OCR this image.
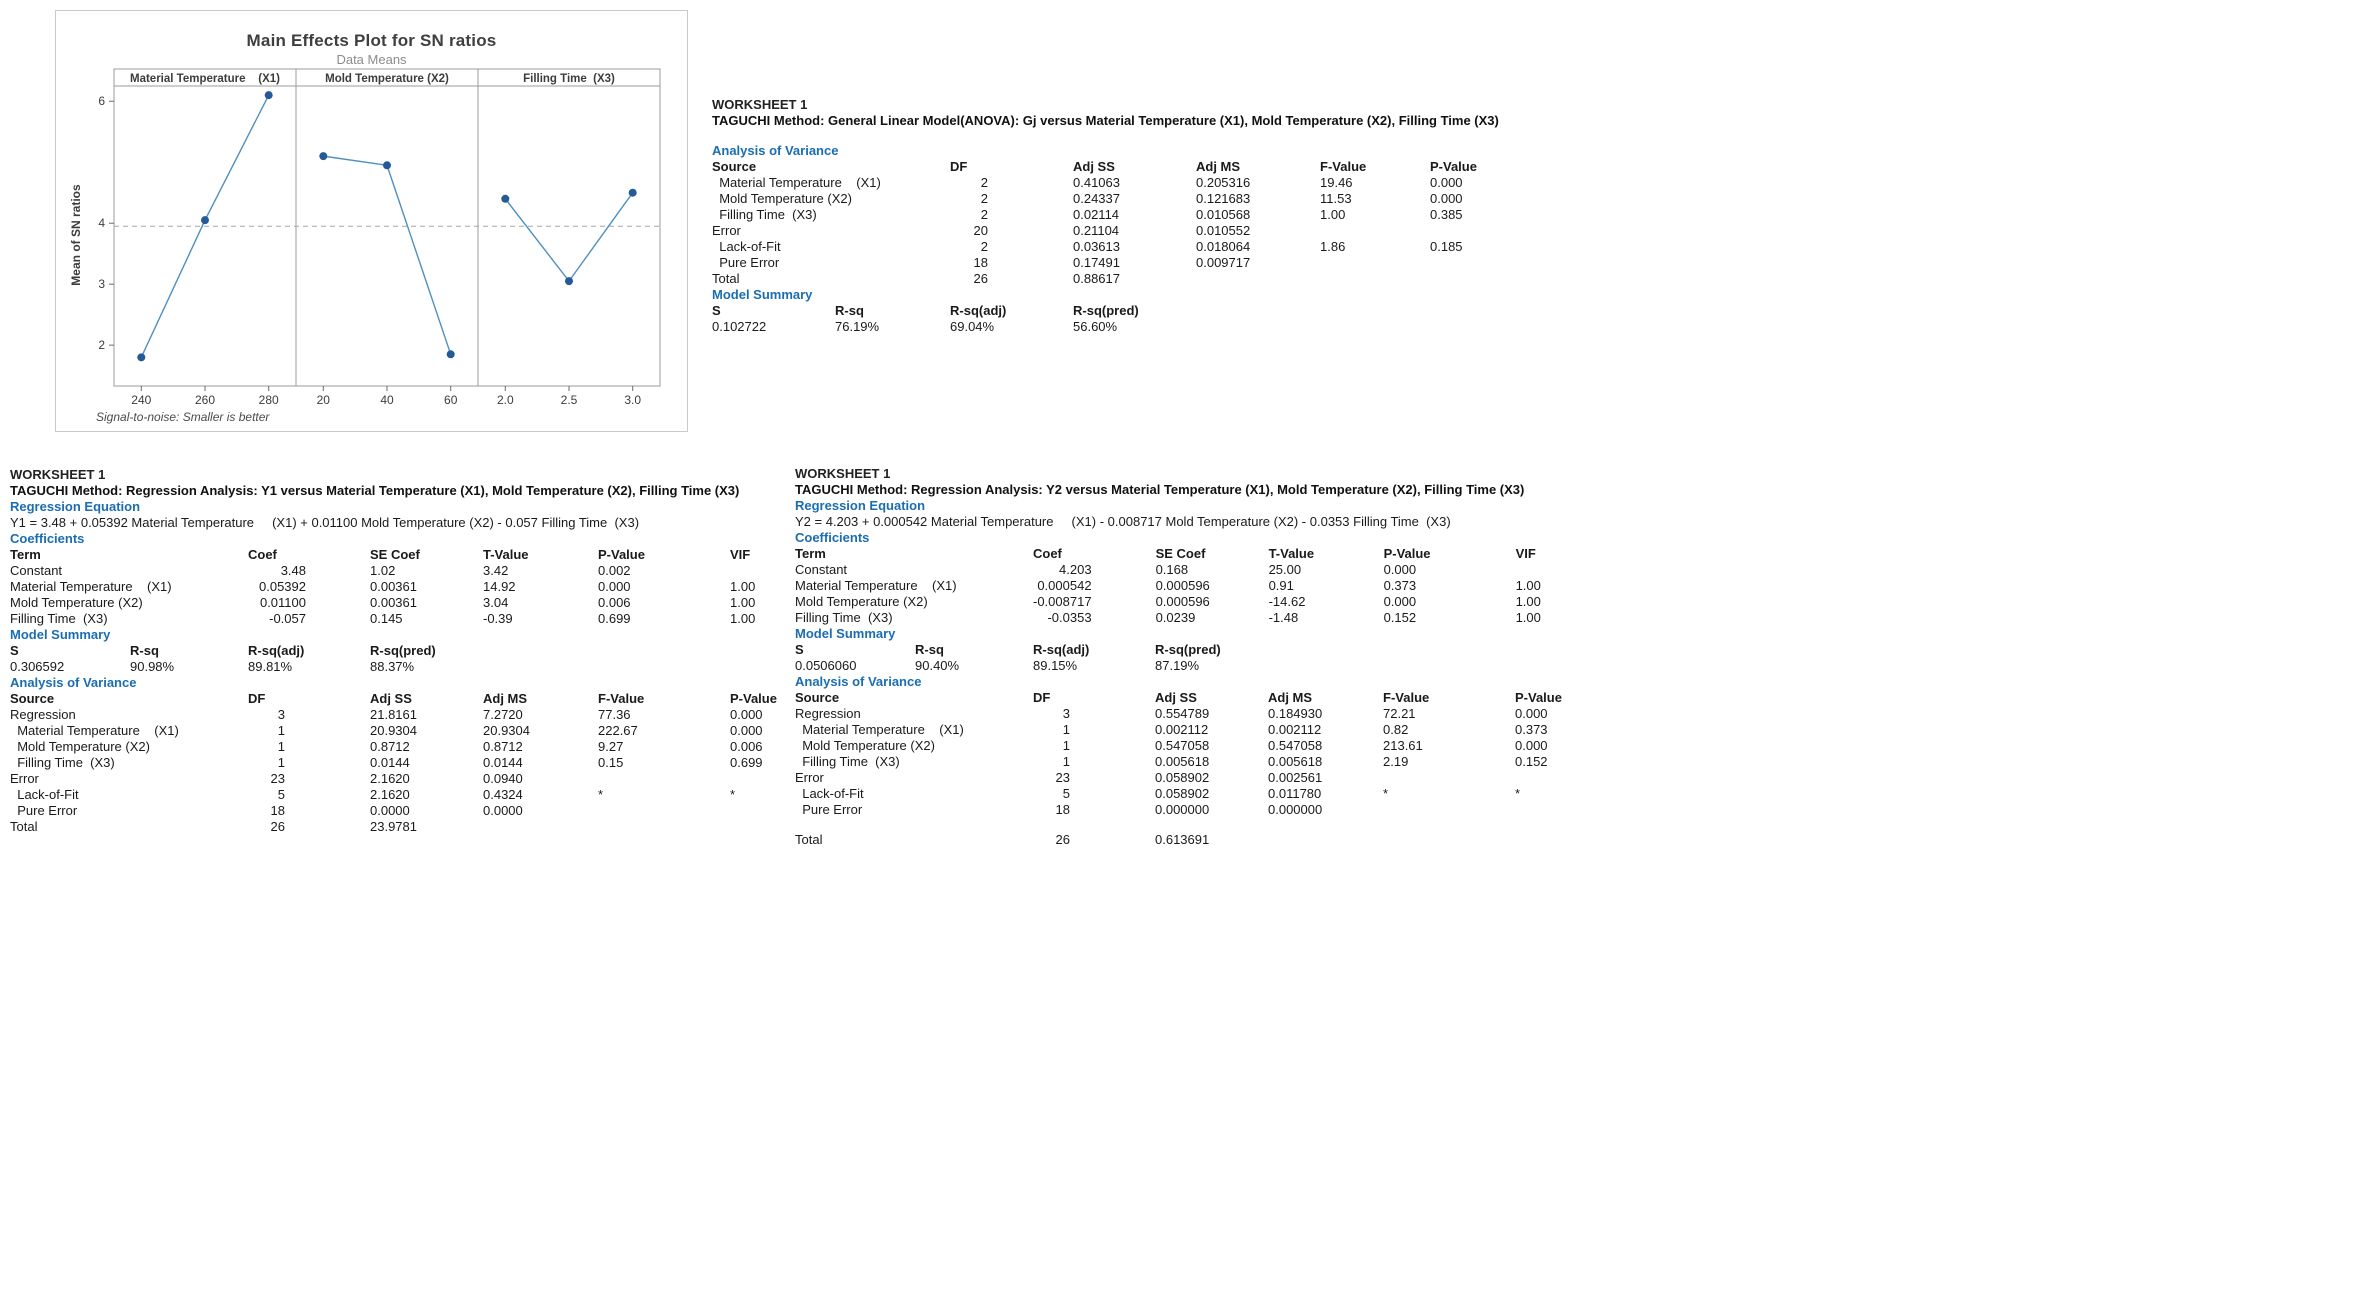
2
3
4
6
Material Temperature    (X1)
240	260	280
Mold Temperature (X2)
20	40	60
Filling Time  (X3)
2.0	2.5	3.0
Main Effects Plot for SN ratios
Data Means
Mean of SN ratios
Signal-to-noise: Smaller is better
WORKSHEET 1
TAGUCHI Method: General Linear Model(ANOVA): Gj versus Material Temperature (X1), Mold Temperature (X2), Filling Time (X3)
Analysis of Variance
Source	DF	Adj SS	Adj MS	F-Value	P-Value
Material Temperature    (X1)	2	0.41063	0.205316	19.46	0.000
Mold Temperature (X2)	2	0.24337	0.121683	11.53	0.000
Filling Time  (X3)	2	0.02114	0.010568	1.00	0.385
Error	20	0.21104	0.010552		
Lack-of-Fit	2	0.03613	0.018064	1.86	0.185
Pure Error	18	0.17491	0.009717		
Total	26	0.88617			
Model Summary
S	R-sq	R-sq(adj)	R-sq(pred)
0.102722	76.19%	69.04%	56.60%
WORKSHEET 1
TAGUCHI Method: Regression Analysis: Y1 versus Material Temperature (X1), Mold Temperature (X2), Filling Time (X3)
Regression Equation
Y1 = 3.48 + 0.05392 Material Temperature     (X1) + 0.01100 Mold Temperature (X2) - 0.057 Filling Time  (X3)
Coefficients
Term	Coef	SE Coef	T-Value	P-Value	VIF
Constant	3.48	1.02	3.42	0.002	
Material Temperature    (X1)	0.05392	0.00361	14.92	0.000	1.00
Mold Temperature (X2)	0.01100	0.00361	3.04	0.006	1.00
Filling Time  (X3)	-0.057	0.145	-0.39	0.699	1.00
Model Summary
S	R-sq	R-sq(adj)	R-sq(pred)
0.306592	90.98%	89.81%	88.37%
Analysis of Variance
Source	DF	Adj SS	Adj MS	F-Value	P-Value
Regression	3	21.8161	7.2720	77.36	0.000
Material Temperature    (X1)	1	20.9304	20.9304	222.67	0.000
Mold Temperature (X2)	1	0.8712	0.8712	9.27	0.006
Filling Time  (X3)	1	0.0144	0.0144	0.15	0.699
Error	23	2.1620	0.0940		
Lack-of-Fit	5	2.1620	0.4324	*	*
Pure Error	18	0.0000	0.0000		
Total	26	23.9781			
WORKSHEET 1
TAGUCHI Method: Regression Analysis: Y2 versus Material Temperature (X1), Mold Temperature (X2), Filling Time (X3)
Regression Equation
Y2 = 4.203 + 0.000542 Material Temperature     (X1) - 0.008717 Mold Temperature (X2) - 0.0353 Filling Time  (X3)
Coefficients
Term	Coef	SE Coef	T-Value	P-Value	VIF
Constant	4.203	0.168	25.00	0.000	
Material Temperature    (X1)	0.000542	0.000596	0.91	0.373	1.00
Mold Temperature (X2)	-0.008717	0.000596	-14.62	0.000	1.00
Filling Time  (X3)	-0.0353	0.0239	-1.48	0.152	1.00
Model Summary
S	R-sq	R-sq(adj)	R-sq(pred)
0.0506060	90.40%	89.15%	87.19%
Analysis of Variance
Source	DF	Adj SS	Adj MS	F-Value	P-Value
Regression	3	0.554789	0.184930	72.21	0.000
Material Temperature    (X1)	1	0.002112	0.002112	0.82	0.373
Mold Temperature (X2)	1	0.547058	0.547058	213.61	0.000
Filling Time  (X3)	1	0.005618	0.005618	2.19	0.152
Error	23	0.058902	0.002561		
Lack-of-Fit	5	0.058902	0.011780	*	*
Pure Error	18	0.000000	0.000000		
Total	26	0.613691			
